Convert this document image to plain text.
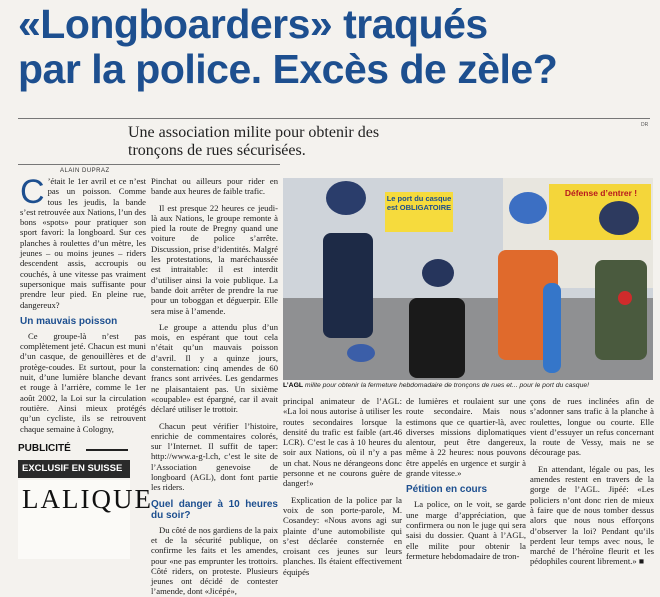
«Longboarders» traqués
par la police. Excès de zèle?
Une association milite pour obtenir des tronçons de rues sécurisées.
ALAIN DUPRAZ

C ’était le 1er avril et ce n’est pas un poisson. Comme tous les jeudis, la bande s’est retrouvée aux Nations, l’un des bons «spots» pour pratiquer son sport favori: la longboard. Sur ces planches à roulettes d’un mètre, les jeunes – ou moins jeunes – riders descendent assis, accroupis ou couchés, à une vitesse pas vraiment supersonique mais suffisante pour prendre leur pied. En pleine rue, dangereux?

Un mauvais poisson

Ce groupe-là n’est pas complètement jeté. Chacun est muni d’un casque, de genouillères et de protège-coudes. Et surtout, pour la nuit, d’une lumière blanche devant et rouge à l’arrière, comme le 1er août 2002, la Loi sur la circulation routière. Ainsi mieux protégés qu’un cycliste, ils se retrouvent chaque semaine à Cologny,

Pinchat ou ailleurs pour rider en bande aux heures de faible trafic.

Il est presque 22 heures ce jeudi-là aux Nations, le groupe remonte à pied la route de Pregny quand une voiture de police s’arrête. Discussion, prise d’identités. Malgré les protestations, la maréchaussée est intraitable: il est interdit d’utiliser ainsi la voie publique. La bande doit arrêter de prendre la rue pour un toboggan et déguerpir. Elle sera mise à l’amende.

Le groupe a attendu plus d’un mois, en espérant que tout cela n’était qu’un mauvais poisson d’avril. Il y a quinze jours, consternation: cinq amendes de 60 francs sont arrivées. Les gendarmes ne plaisantaient pas. Un sixième «coupable» est épargné, car il avait déclaré utiliser le trottoir.

Chacun peut vérifier l’histoire, enrichie de commentaires colorés, sur l’Internet. Il suffit de taper: http://www.a-g-l.ch, c’est le site de l’Association genevoise de longboard (AGL), dont font partie les riders.

Quel danger à 10 heures du soir?

Du côté de nos gardiens de la paix et de la sécurité publique, on confirme les faits et les amendes, pour «ne pas emprunter les trottoirs. Côté riders, on proteste. Plusieurs jeunes ont décidé de contester l’amende, dont «Jicépé»,

Le port du casque est OBLIGATOIRE
Défense d’entrer !
DR
L’AGL milite pour obtenir la fermeture hebdomadaire de tronçons de rues et... pour le port du casque!

principal animateur de l’AGL: «La loi nous autorise à utiliser les routes secondaires lorsque la densité du trafic est faible (art.46 LCR). C’est le cas à 10 heures du soir aux Nations, où il n’y a pas un chat. Nous ne dérangeons donc personne et ne courons guère de danger!»

Explication de la police par la voix de son porte-parole, M. Cosandey: «Nous avons agi sur plainte d’une automobiliste qui s’est déclarée consternée en croisant ces jeunes sur leurs planches. Ils étaient effectivement équipés

de lumières et roulaient sur une route secondaire. Mais nous estimons que ce quartier-là, avec diverses missions diplomatiques alentour, peut être dangereux, même à 22 heures: nous pouvons être appelés en urgence et surgir à grande vitesse.»

Pétition en cours

La police, on le voit, se garde une marge d’appréciation, que confirmera ou non le juge qui sera saisi du dossier. Quant à l’AGL, elle milite pour obtenir la fermeture hebdomadaire de tron-

çons de rues inclinées afin de s’adonner sans trafic à la planche à roulettes, longue ou courte. Elle vient d’essuyer un refus concernant la route de Vessy, mais ne se décourage pas.

En attendant, légale ou pas, les amendes restent en travers de la gorge de l’AGL. Jipéé: «Les policiers n’ont donc rien de mieux à faire que de nous tomber dessus alors que nous nous efforçons d’observer la loi? Pendant qu’ils perdent leur temps avec nous, le marché de l’héroïne fleurit et les pédophiles courent librement.» ■

PUBLICITÉ
EXCLUSIF EN SUISSE
LALIQUE
